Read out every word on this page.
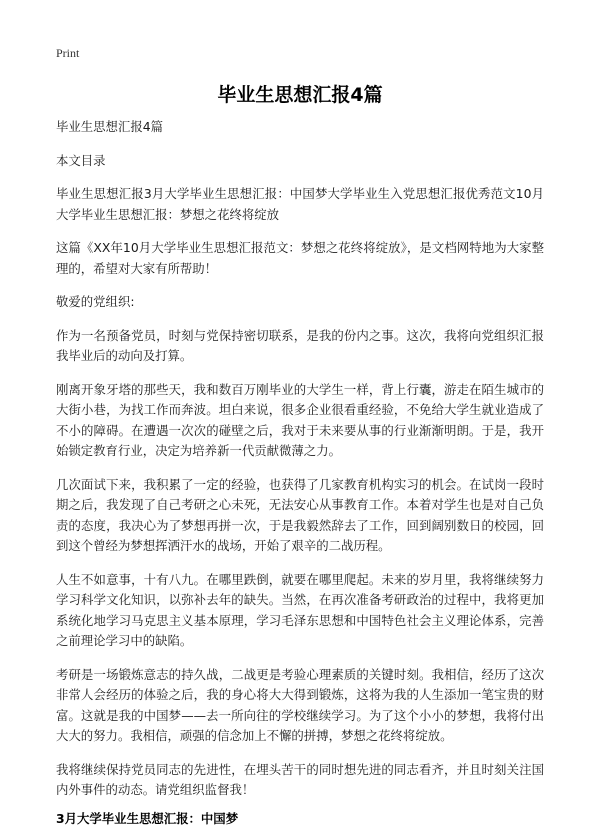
Print
毕业生思想汇报4篇

毕业生思想汇报4篇

本文目录

毕业生思想汇报3月大学毕业生思想汇报：中国梦大学毕业生入党思想汇报优秀范文10月大学毕业生思想汇报：梦想之花终将绽放

这篇《XX年10月大学毕业生思想汇报范文：梦想之花终将绽放》，是文档网特地为大家整理的，希望对大家有所帮助！

敬爱的党组织:

作为一名预备党员，时刻与党保持密切联系，是我的份内之事。这次，我将向党组织汇报我毕业后的动向及打算。

刚离开象牙塔的那些天，我和数百万刚毕业的大学生一样，背上行囊，游走在陌生城市的大街小巷，为找工作而奔波。坦白来说，很多企业很看重经验，不免给大学生就业造成了不小的障碍。在遭遇一次次的碰壁之后，我对于未来要从事的行业渐渐明朗。于是，我开始锁定教育行业，决定为培养新一代贡献微薄之力。

几次面试下来，我积累了一定的经验，也获得了几家教育机构实习的机会。在试岗一段时期之后，我发现了自己考研之心未死，无法安心从事教育工作。本着对学生也是对自己负责的态度，我决心为了梦想再拼一次，于是我毅然辞去了工作，回到阔别数日的校园，回到这个曾经为梦想挥洒汗水的战场，开始了艰辛的二战历程。

人生不如意事，十有八九。在哪里跌倒，就要在哪里爬起。未来的岁月里，我将继续努力学习科学文化知识，以弥补去年的缺失。当然，在再次准备考研政治的过程中，我将更加系统化地学习马克思主义基本原理，学习毛泽东思想和中国特色社会主义理论体系，完善之前理论学习中的缺陷。

考研是一场锻炼意志的持久战，二战更是考验心理素质的关键时刻。我相信，经历了这次非常人会经历的体验之后，我的身心将大大得到锻炼，这将为我的人生添加一笔宝贵的财富。这就是我的中国梦——去一所向往的学校继续学习。为了这个小小的梦想，我将付出大大的努力。我相信，顽强的信念加上不懈的拼搏，梦想之花终将绽放。

我将继续保持党员同志的先进性，在埋头苦干的同时想先进的同志看齐，并且时刻关注国内外事件的动态。请党组织监督我！

3月大学毕业生思想汇报：中国梦
